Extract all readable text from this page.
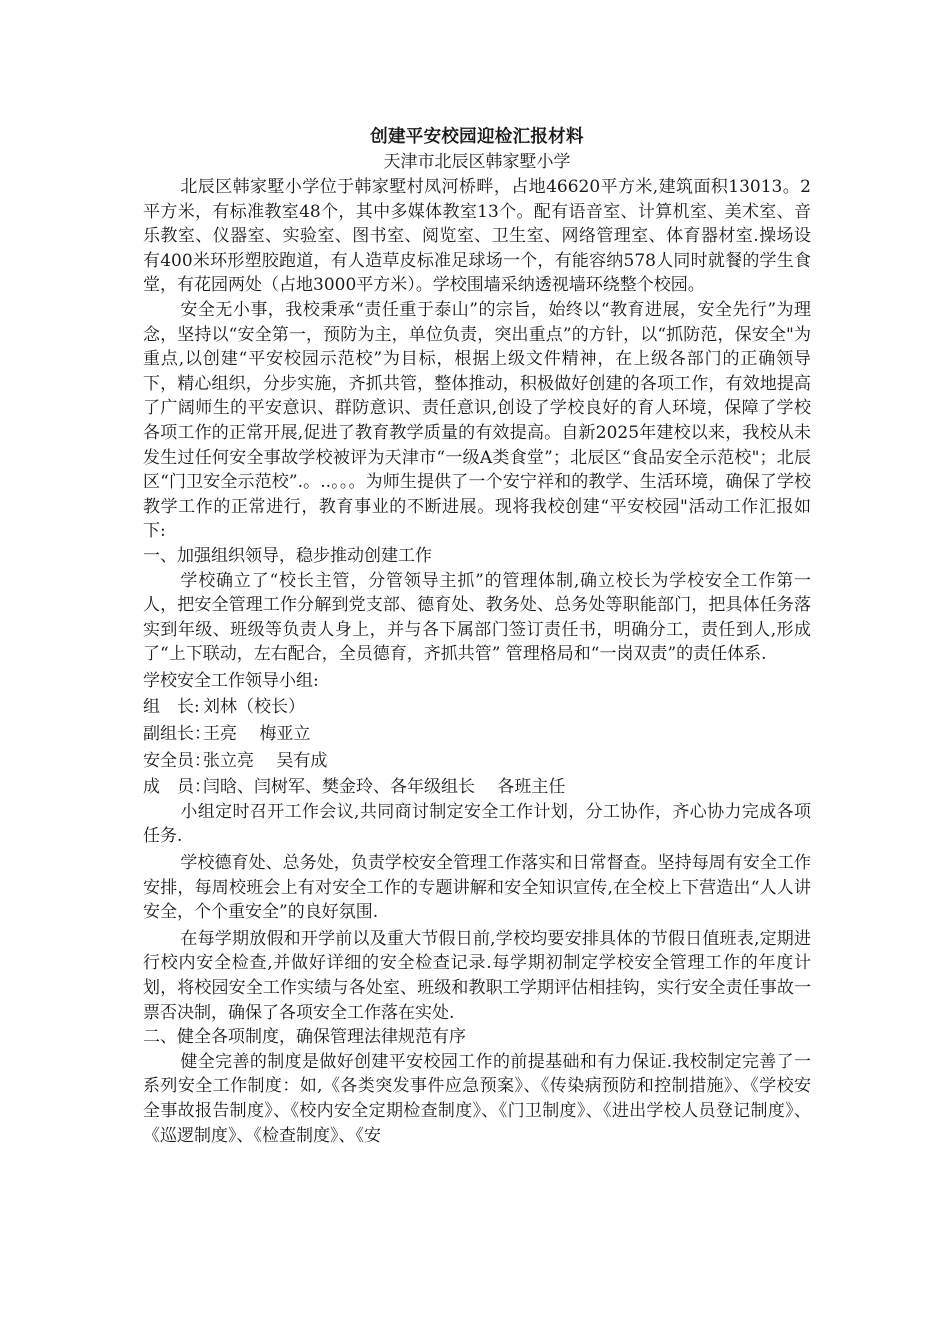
创建平安校园迎检汇报材料

天津市北辰区韩家墅小学

北辰区韩家墅小学位于韩家墅村凤河桥畔，占地46620平方米,建筑面积13013。2平方米，有标准教室48个，其中多媒体教室13个。配有语音室、计算机室、美术室、音乐教室、仪器室、实验室、图书室、阅览室、卫生室、网络管理室、体育器材室.操场设有400米环形塑胶跑道，有人造草皮标准足球场一个，有能容纳578人同时就餐的学生食堂，有花园两处（占地3000平方米）。学校围墙采纳透视墙环绕整个校园。

安全无小事，我校秉承“责任重于泰山”的宗旨，始终以“教育进展，安全先行”为理念，坚持以“安全第一，预防为主，单位负责，突出重点”的方针，以“抓防范，保安全"为重点,以创建“平安校园示范校”为目标，根据上级文件精神，在上级各部门的正确领导下，精心组织，分步实施，齐抓共管，整体推动，积极做好创建的各项工作，有效地提高了广阔师生的平安意识、群防意识、责任意识,创设了学校良好的育人环境，保障了学校各项工作的正常开展,促进了教育教学质量的有效提高。自新2025年建校以来，我校从未发生过任何安全事故学校被评为天津市“一级A类食堂”；北辰区“食品安全示范校"；北辰区“门卫安全示范校”.。..。。。为师生提供了一个安宁祥和的教学、生活环境，确保了学校教学工作的正常进行，教育事业的不断进展。现将我校创建“平安校园"活动工作汇报如下:

一、加强组织领导，稳步推动创建工作

学校确立了“校长主管，分管领导主抓”的管理体制,确立校长为学校安全工作第一人，把安全管理工作分解到党支部、德育处、教务处、总务处等职能部门，把具体任务落实到年级、班级等负责人身上，并与各下属部门签订责任书，明确分工，责任到人,形成了“上下联动，左右配合，全员德育，齐抓共管” 管理格局和“一岗双责”的责任体系.

学校安全工作领导小组:

组　长: 刘林（校长）

副组长：王亮　 梅亚立

安全员：张立亮　 吴有成

成　员：闫晗、闫树军、樊金玲、各年级组长　 各班主任

小组定时召开工作会议,共同商讨制定安全工作计划，分工协作，齐心协力完成各项任务.

学校德育处、总务处，负责学校安全管理工作落实和日常督查。坚持每周有安全工作安排，每周校班会上有对安全工作的专题讲解和安全知识宣传,在全校上下营造出“人人讲安全，个个重安全”的良好氛围.

在每学期放假和开学前以及重大节假日前,学校均要安排具体的节假日值班表,定期进行校内安全检查,并做好详细的安全检查记录.每学期初制定学校安全管理工作的年度计划，将校园安全工作实绩与各处室、班级和教职工学期评估相挂钩，实行安全责任事故一票否决制，确保了各项安全工作落在实处.

二、健全各项制度，确保管理法律规范有序

健全完善的制度是做好创建平安校园工作的前提基础和有力保证.我校制定完善了一系列安全工作制度：如,《各类突发事件应急预案》、《传染病预防和控制措施》、《学校安全事故报告制度》、《校内安全定期检查制度》、《门卫制度》、《进出学校人员登记制度》、《巡逻制度》、《检查制度》、《安
